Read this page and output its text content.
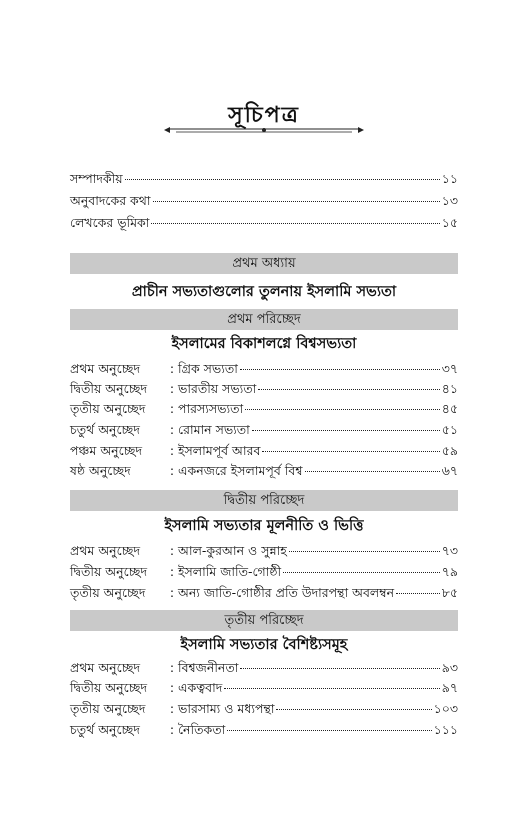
সূচিপত্র
সম্পাদকীয়	১১
অনুবাদকের কথা	১৩
লেখকের ভূমিকা	১৫
প্রথম অধ্যায়
প্রাচীন সভ্যতাগুলোর তুলনায় ইসলামি সভ্যতা
প্রথম পরিচ্ছেদ
ইসলামের বিকাশলগ্নে বিশ্বসভ্যতা
প্রথম অনুচ্ছেদ	: গ্রিক সভ্যতা	৩৭
দ্বিতীয় অনুচ্ছেদ	: ভারতীয় সভ্যতা	৪১
তৃতীয় অনুচ্ছেদ	: পারস্যসভ্যতা	৪৫
চতুর্থ অনুচ্ছেদ	: রোমান সভ্যতা	৫১
পঞ্চম অনুচ্ছেদ	: ইসলামপূর্ব আরব	৫৯
ষষ্ঠ অনুচ্ছেদ	: একনজরে ইসলামপূর্ব বিশ্ব	৬৭
দ্বিতীয় পরিচ্ছেদ
ইসলামি সভ্যতার মূলনীতি ও ভিত্তি
প্রথম অনুচ্ছেদ	: আল-কুরআন ও সুন্নাহ	৭৩
দ্বিতীয় অনুচ্ছেদ	: ইসলামি জাতি-গোষ্ঠী	৭৯
তৃতীয় অনুচ্ছেদ	: অন্য জাতি-গোষ্ঠীর প্রতি উদারপন্থা অবলম্বন	৮৫
তৃতীয় পরিচ্ছেদ
ইসলামি সভ্যতার বৈশিষ্ট্যসমূহ
প্রথম অনুচ্ছেদ	: বিশ্বজনীনতা	৯৩
দ্বিতীয় অনুচ্ছেদ	: একত্ববাদ	৯৭
তৃতীয় অনুচ্ছেদ	: ভারসাম্য ও মধ্যপন্থা	১০৩
চতুর্থ অনুচ্ছেদ	: নৈতিকতা	১১১
